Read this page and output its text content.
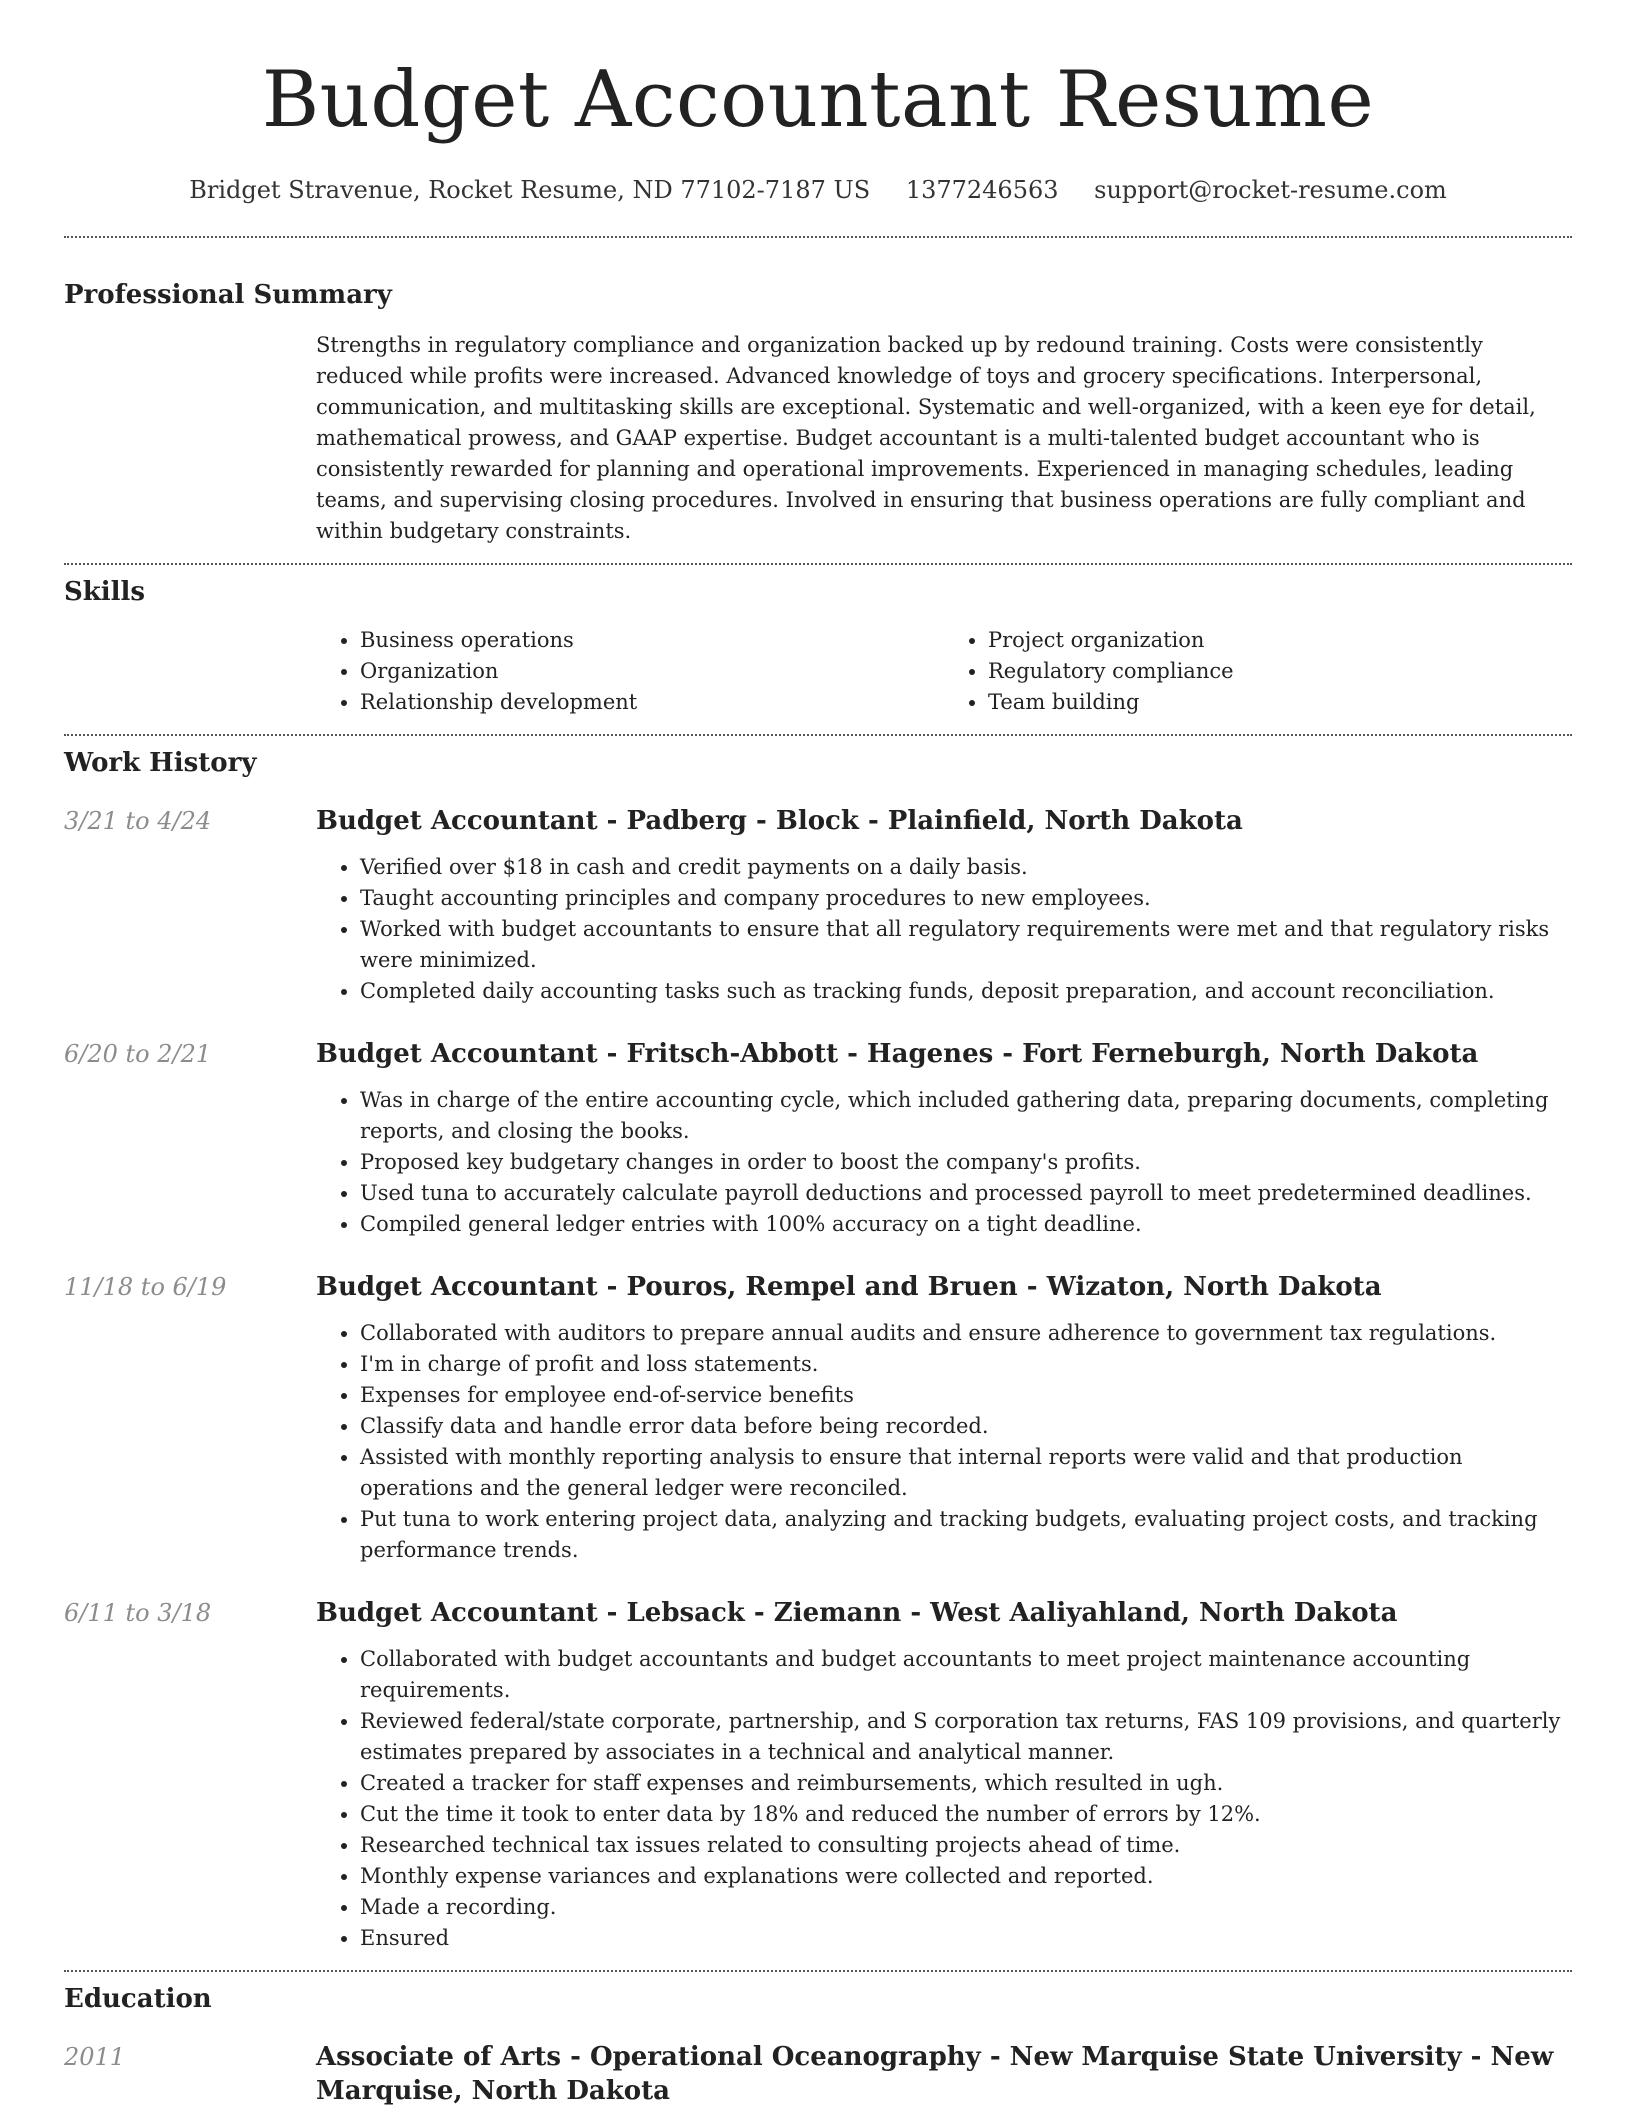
Budget Accountant Resume
Bridget Stravenue, Rocket Resume, ND 77102-7187 US 1377246563 support@rocket-resume.com
Professional Summary

Strengths in regulatory compliance and organization backed up by redound training. Costs were consistently reduced while profits were increased. Advanced knowledge of toys and grocery specifications. Interpersonal, communication, and multitasking skills are exceptional. Systematic and well-organized, with a keen eye for detail, mathematical prowess, and GAAP expertise. Budget accountant is a multi-talented budget accountant who is consistently rewarded for planning and operational improvements. Experienced in managing schedules, leading teams, and supervising closing procedures. Involved in ensuring that business operations are fully compliant and within budgetary constraints.

Skills
• Business operations
• Organization
• Relationship development
• Project organization
• Regulatory compliance
• Team building
Work History
3/21 to 4/24	Budget Accountant - Padberg - Block - Plainfield, North Dakota
• Verified over $18 in cash and credit payments on a daily basis.
• Taught accounting principles and company procedures to new employees.
• Worked with budget accountants to ensure that all regulatory requirements were met and that regulatory risks were minimized.
• Completed daily accounting tasks such as tracking funds, deposit preparation, and account reconciliation.
6/20 to 2/21	Budget Accountant - Fritsch-Abbott - Hagenes - Fort Ferneburgh, North Dakota
• Was in charge of the entire accounting cycle, which included gathering data, preparing documents, completing reports, and closing the books.
• Proposed key budgetary changes in order to boost the company's profits.
• Used tuna to accurately calculate payroll deductions and processed payroll to meet predetermined deadlines.
• Compiled general ledger entries with 100% accuracy on a tight deadline.
11/18 to 6/19	Budget Accountant - Pouros, Rempel and Bruen - Wizaton, North Dakota
• Collaborated with auditors to prepare annual audits and ensure adherence to government tax regulations.
• I'm in charge of profit and loss statements.
• Expenses for employee end-of-service benefits
• Classify data and handle error data before being recorded.
• Assisted with monthly reporting analysis to ensure that internal reports were valid and that production operations and the general ledger were reconciled.
• Put tuna to work entering project data, analyzing and tracking budgets, evaluating project costs, and tracking performance trends.
6/11 to 3/18	Budget Accountant - Lebsack - Ziemann - West Aaliyahland, North Dakota
• Collaborated with budget accountants and budget accountants to meet project maintenance accounting requirements.
• Reviewed federal/state corporate, partnership, and S corporation tax returns, FAS 109 provisions, and quarterly estimates prepared by associates in a technical and analytical manner.
• Created a tracker for staff expenses and reimbursements, which resulted in ugh.
• Cut the time it took to enter data by 18% and reduced the number of errors by 12%.
• Researched technical tax issues related to consulting projects ahead of time.
• Monthly expense variances and explanations were collected and reported.
• Made a recording.
• Ensured
Education
2011	Associate of Arts - Operational Oceanography - New Marquise State University - New Marquise, North Dakota
